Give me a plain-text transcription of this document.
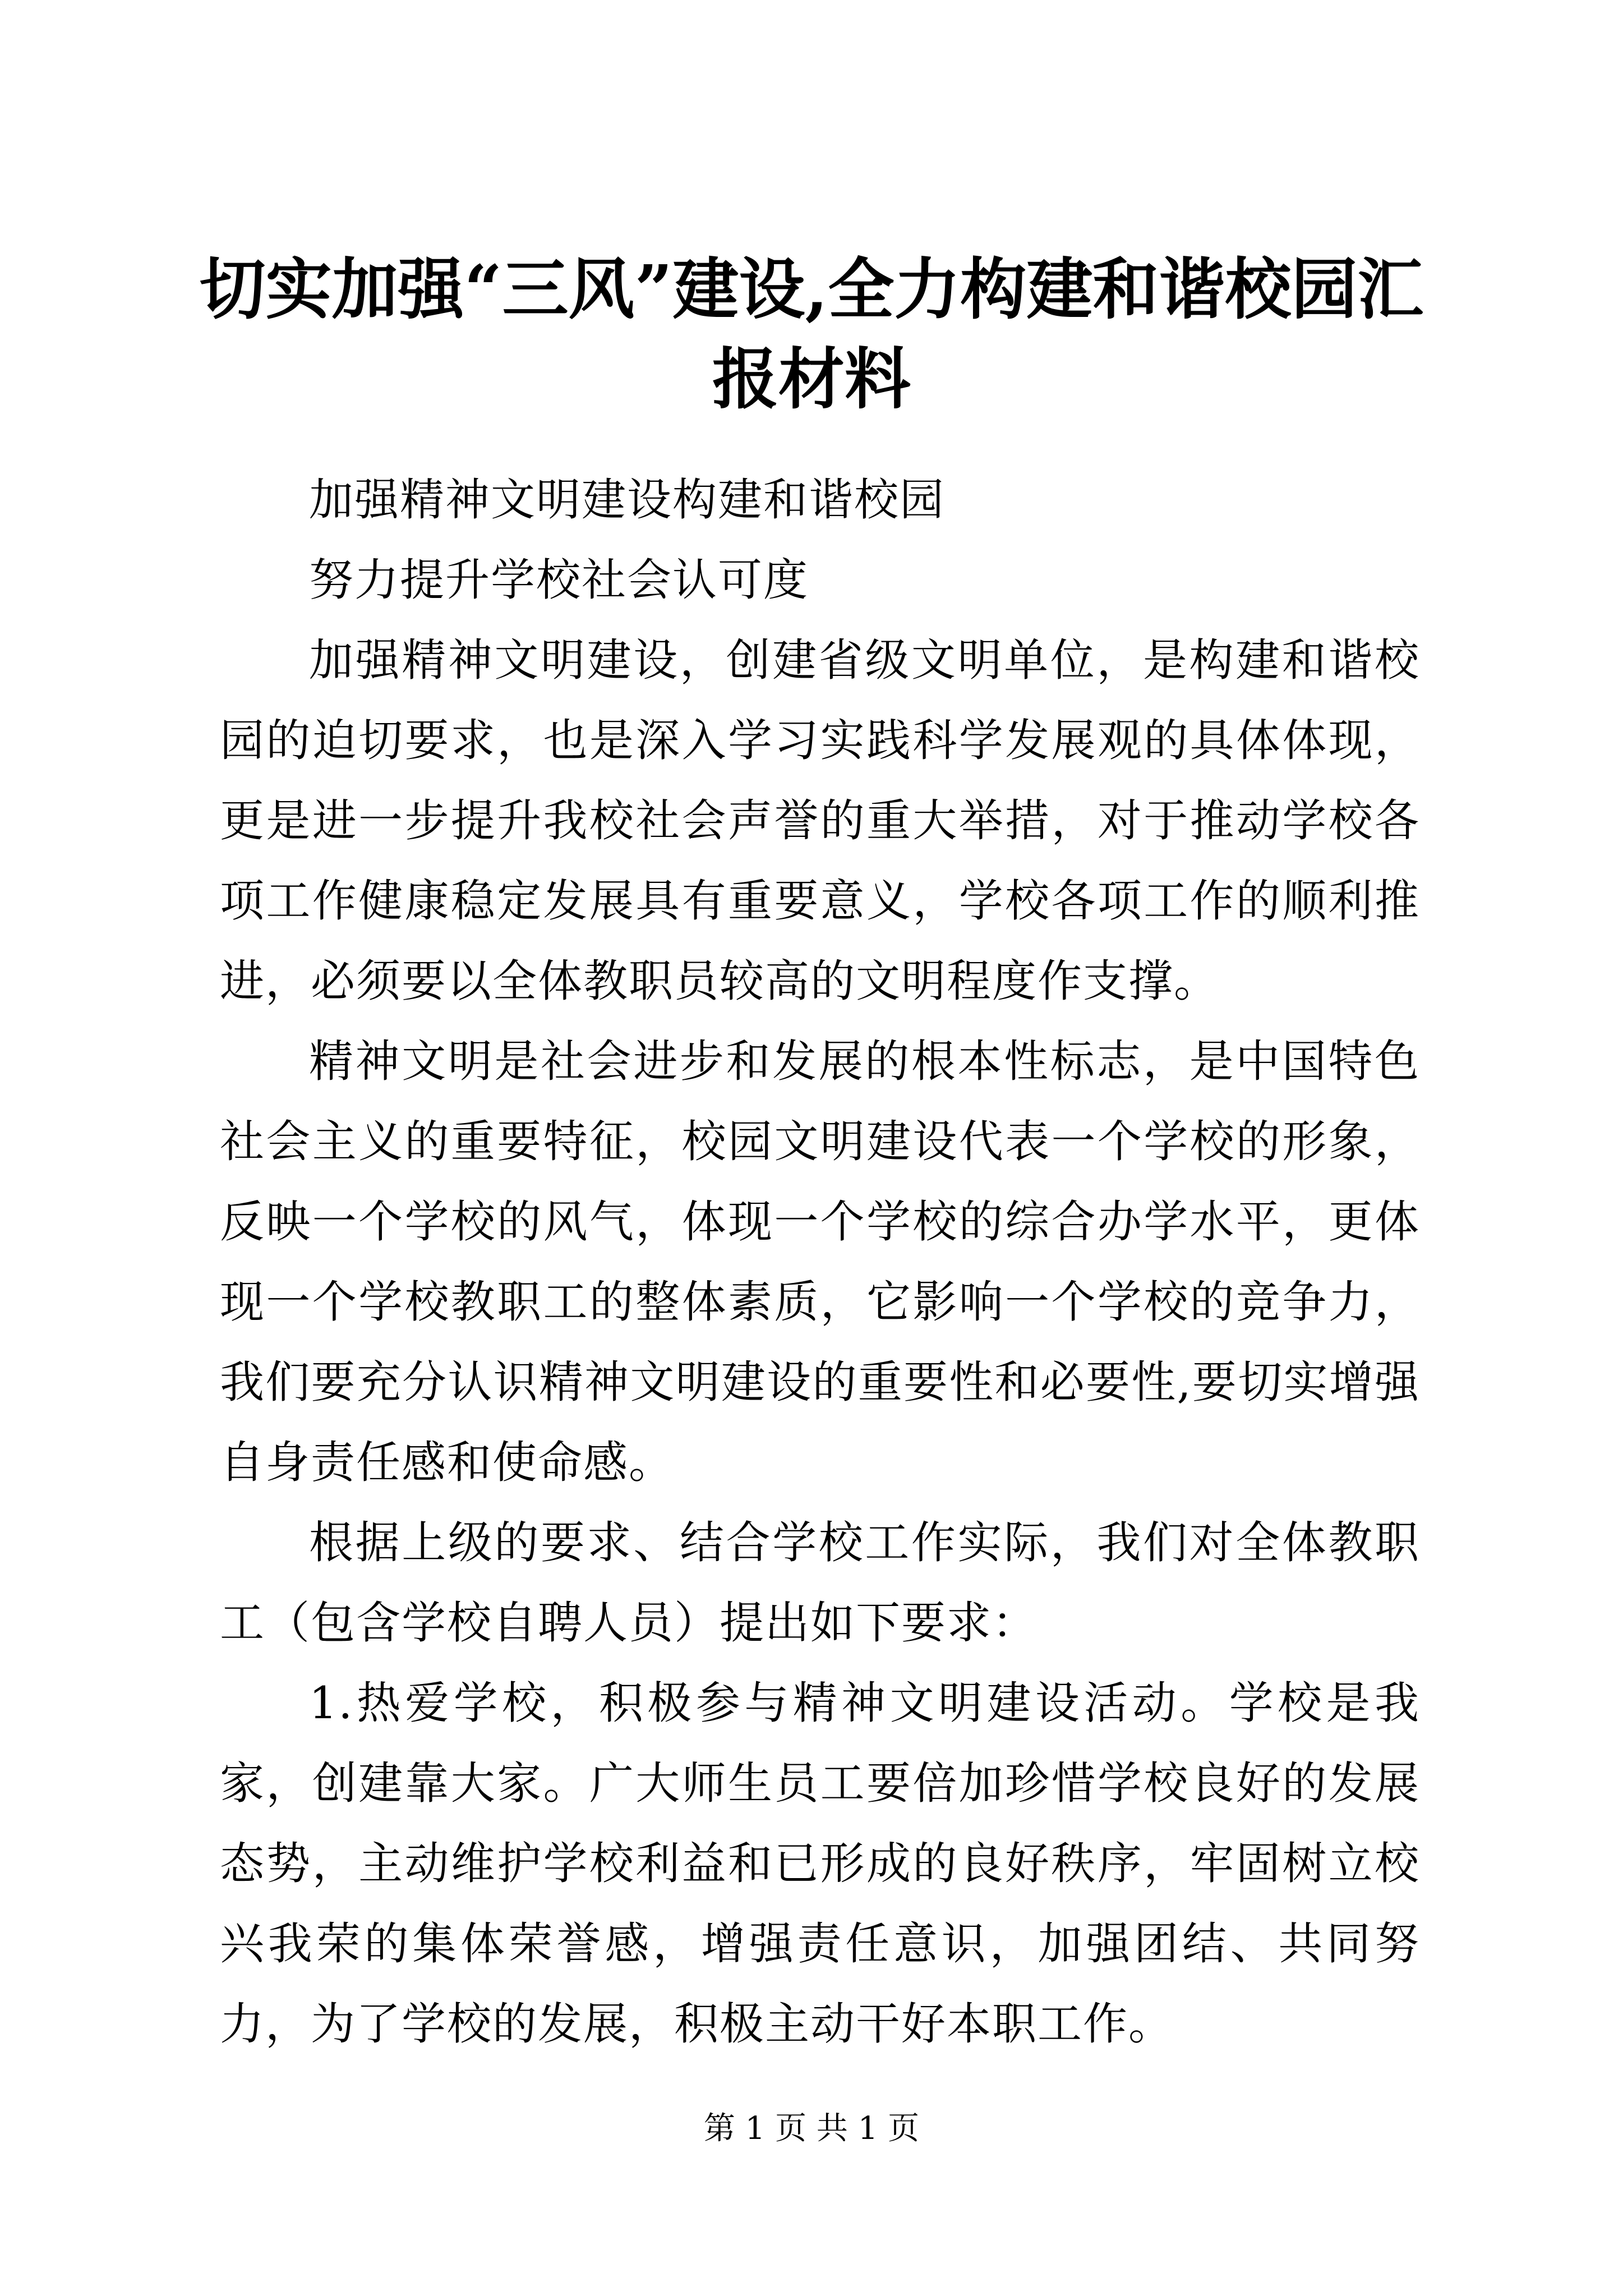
切实加强“三风”建设,全力构建和谐校园汇
报材料

加强精神文明建设构建和谐校园

努力提升学校社会认可度

加强精神文明建设，创建省级文明单位，是构建和谐校园的迫切要求，也是深入学习实践科学发展观的具体体现，更是进一步提升我校社会声誉的重大举措，对于推动学校各项工作健康稳定发展具有重要意义，学校各项工作的顺利推进，必须要以全体教职员较高的文明程度作支撑。

精神文明是社会进步和发展的根本性标志，是中国特色社会主义的重要特征，校园文明建设代表一个学校的形象，反映一个学校的风气，体现一个学校的综合办学水平，更体现一个学校教职工的整体素质，它影响一个学校的竞争力，我们要充分认识精神文明建设的重要性和必要性,要切实增强自身责任感和使命感。

根据上级的要求、结合学校工作实际，我们对全体教职工（包含学校自聘人员）提出如下要求：

1.热爱学校，积极参与精神文明建设活动。学校是我家，创建靠大家。广大师生员工要倍加珍惜学校良好的发展态势，主动维护学校利益和已形成的良好秩序，牢固树立校兴我荣的集体荣誉感，增强责任意识，加强团结、共同努力，为了学校的发展，积极主动干好本职工作。

第 1 页 共 1 页
